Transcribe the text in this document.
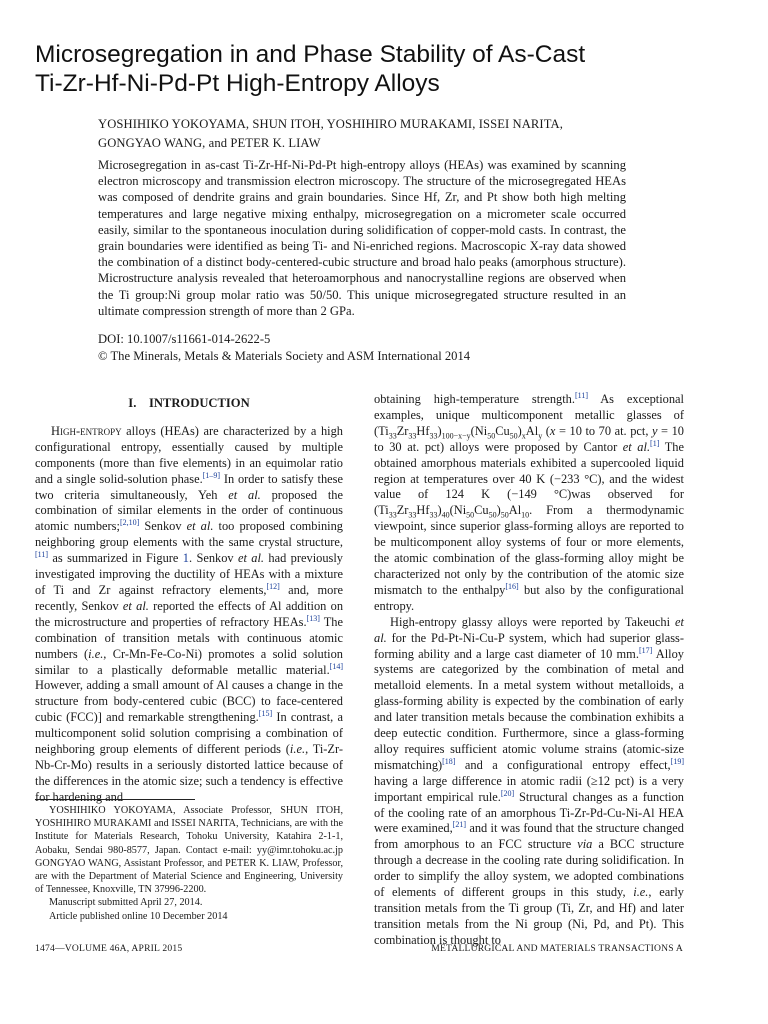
Microsegregation in and Phase Stability of As-Cast
Ti-Zr-Hf-Ni-Pd-Pt High-Entropy Alloys

YOSHIHIKO YOKOYAMA, SHUN ITOH, YOSHIHIRO MURAKAMI, ISSEI NARITA,
GONGYAO WANG, and PETER K. LIAW

Microsegregation in as-cast Ti-Zr-Hf-Ni-Pd-Pt high-entropy alloys (HEAs) was examined by scanning electron microscopy and transmission electron microscopy. The structure of the microsegregated HEAs was composed of dendrite grains and grain boundaries. Since Hf, Zr, and Pt show both high melting temperatures and large negative mixing enthalpy, microsegregation on a micrometer scale occurred easily, similar to the spontaneous inoculation during solidification of copper-mold casts. In contrast, the grain boundaries were identified as being Ti- and Ni-enriched regions. Macroscopic X-ray data showed the combination of a distinct body-centered-cubic structure and broad halo peaks (amorphous structure). Microstructure analysis revealed that heteroamorphous and nanocrystalline regions are observed when the Ti group:Ni group molar ratio was 50/50. This unique microsegregated structure resulted in an ultimate compression strength of more than 2 GPa.

DOI: 10.1007/s11661-014-2622-5
© The Minerals, Metals & Materials Society and ASM International 2014
I. INTRODUCTION

High-entropy alloys (HEAs) are characterized by a high configurational entropy, essentially caused by multiple components (more than five elements) in an equimolar ratio and a single solid-solution phase.[1–9] In order to satisfy these two criteria simultaneously, Yeh et al. proposed the combination of similar elements in the order of continuous atomic numbers;[2,10] Senkov et al. too proposed combining neighboring group elements with the same crystal structure,[11] as summarized in Figure 1. Senkov et al. had previously investigated improving the ductility of HEAs with a mixture of Ti and Zr against refractory elements,[12] and, more recently, Senkov et al. reported the effects of Al addition on the microstructure and properties of refractory HEAs.[13] The combination of transition metals with continuous atomic numbers (i.e., Cr-Mn-Fe-Co-Ni) promotes a solid solution similar to a plastically deformable metallic material.[14] However, adding a small amount of Al causes a change in the structure from body-centered cubic (BCC) to face-centered cubic (FCC)] and remarkable strengthening.[15] In contrast, a multicomponent solid solution comprising a combination of neighboring group elements of different periods (i.e., Ti-Zr-Nb-Cr-Mo) results in a seriously distorted lattice because of the differences in the atomic size; such a tendency is effective for hardening and

YOSHIHIKO YOKOYAMA, Associate Professor, SHUN ITOH, YOSHIHIRO MURAKAMI and ISSEI NARITA, Technicians, are with the Institute for Materials Research, Tohoku University, Katahira 2-1-1, Aobaku, Sendai 980-8577, Japan. Contact e-mail: yy@imr.tohoku.ac.jp GONGYAO WANG, Assistant Professor, and PETER K. LIAW, Professor, are with the Department of Material Science and Engineering, University of Tennessee, Knoxville, TN 37996-2200.

Manuscript submitted April 27, 2014.

Article published online 10 December 2014

obtaining high-temperature strength.[11] As exceptional examples, unique multicomponent metallic glasses of $(Ti_{33}Zr_{33}Hf_{33})_{100-x-y}(Ni_{50}Cu_{50})_xAl_y$ (x = 10 to 70 at. pct, y = 10 to 30 at. pct) alloys were proposed by Cantor et al.[1] The obtained amorphous materials exhibited a supercooled liquid region at temperatures over 40 K (−233 °C), and the widest value of 124 K (−149 °C)was observed for $(Ti_{33}Zr_{33}Hf_{33})_{40}(Ni_{50}Cu_{50})_{50}Al_{10}$. From a thermodynamic viewpoint, since superior glass-forming alloys are reported to be multicomponent alloy systems of four or more elements, the atomic combination of the glass-forming alloy might be characterized not only by the contribution of the atomic size mismatch to the enthalpy[16] but also by the configurational entropy.

High-entropy glassy alloys were reported by Takeuchi et al. for the Pd-Pt-Ni-Cu-P system, which had superior glass-forming ability and a large cast diameter of 10 mm.[17] Alloy systems are categorized by the combination of metal and metalloid elements. In a metal system without metalloids, a glass-forming ability is expected by the combination of early and later transition metals because the combination exhibits a deep eutectic condition. Furthermore, since a glass-forming alloy requires sufficient atomic volume strains (atomic-size mismatching)[18] and a configurational entropy effect,[19] having a large difference in atomic radii (≥12 pct) is a very important empirical rule.[20] Structural changes as a function of the cooling rate of an amorphous Ti-Zr-Pd-Cu-Ni-Al HEA were examined,[21] and it was found that the structure changed from amorphous to an FCC structure via a BCC structure through a decrease in the cooling rate during solidification. In order to simplify the alloy system, we adopted combinations of elements of different groups in this study, i.e., early transition metals from the Ti group (Ti, Zr, and Hf) and later transition metals from the Ni group (Ni, Pd, and Pt). This combination is thought to

1474—VOLUME 46A, APRIL 2015	METALLURGICAL AND MATERIALS TRANSACTIONS A
